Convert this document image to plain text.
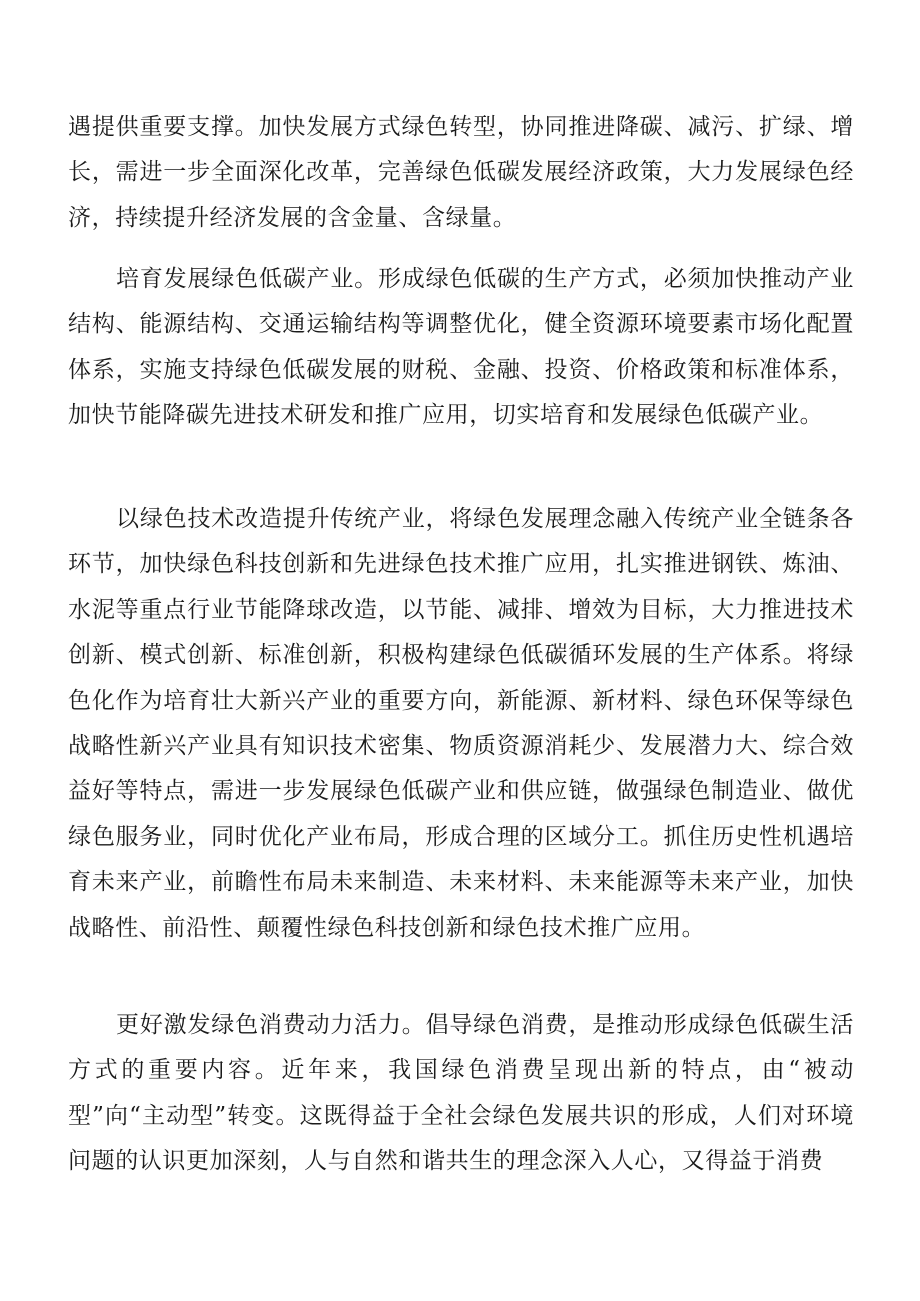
遇提供重要支撑。加快发展方式绿色转型，协同推进降碳、减污、扩绿、增长，需进一步全面深化改革，完善绿色低碳发展经济政策，大力发展绿色经济，持续提升经济发展的含金量、含绿量。

培育发展绿色低碳产业。形成绿色低碳的生产方式，必须加快推动产业结构、能源结构、交通运输结构等调整优化，健全资源环境要素市场化配置体系，实施支持绿色低碳发展的财税、金融、投资、价格政策和标准体系，加快节能降碳先进技术研发和推广应用，切实培育和发展绿色低碳产业。

以绿色技术改造提升传统产业，将绿色发展理念融入传统产业全链条各环节，加快绿色科技创新和先进绿色技术推广应用，扎实推进钢铁、炼油、水泥等重点行业节能降球改造，以节能、减排、增效为目标，大力推进技术创新、模式创新、标准创新，积极构建绿色低碳循环发展的生产体系。将绿色化作为培育壮大新兴产业的重要方向，新能源、新材料、绿色环保等绿色战略性新兴产业具有知识技术密集、物质资源消耗少、发展潜力大、综合效益好等特点，需进一步发展绿色低碳产业和供应链，做强绿色制造业、做优绿色服务业，同时优化产业布局，形成合理的区域分工。抓住历史性机遇培育未来产业，前瞻性布局未来制造、未来材料、未来能源等未来产业，加快战略性、前沿性、颠覆性绿色科技创新和绿色技术推广应用。

更好激发绿色消费动力活力。倡导绿色消费，是推动形成绿色低碳生活方式的重要内容。近年来，我国绿色消费呈现出新的特点，由“被动型”向“主动型”转变。这既得益于全社会绿色发展共识的形成，人们对环境问题的认识更加深刻，人与自然和谐共生的理念深入人心，又得益于消费
